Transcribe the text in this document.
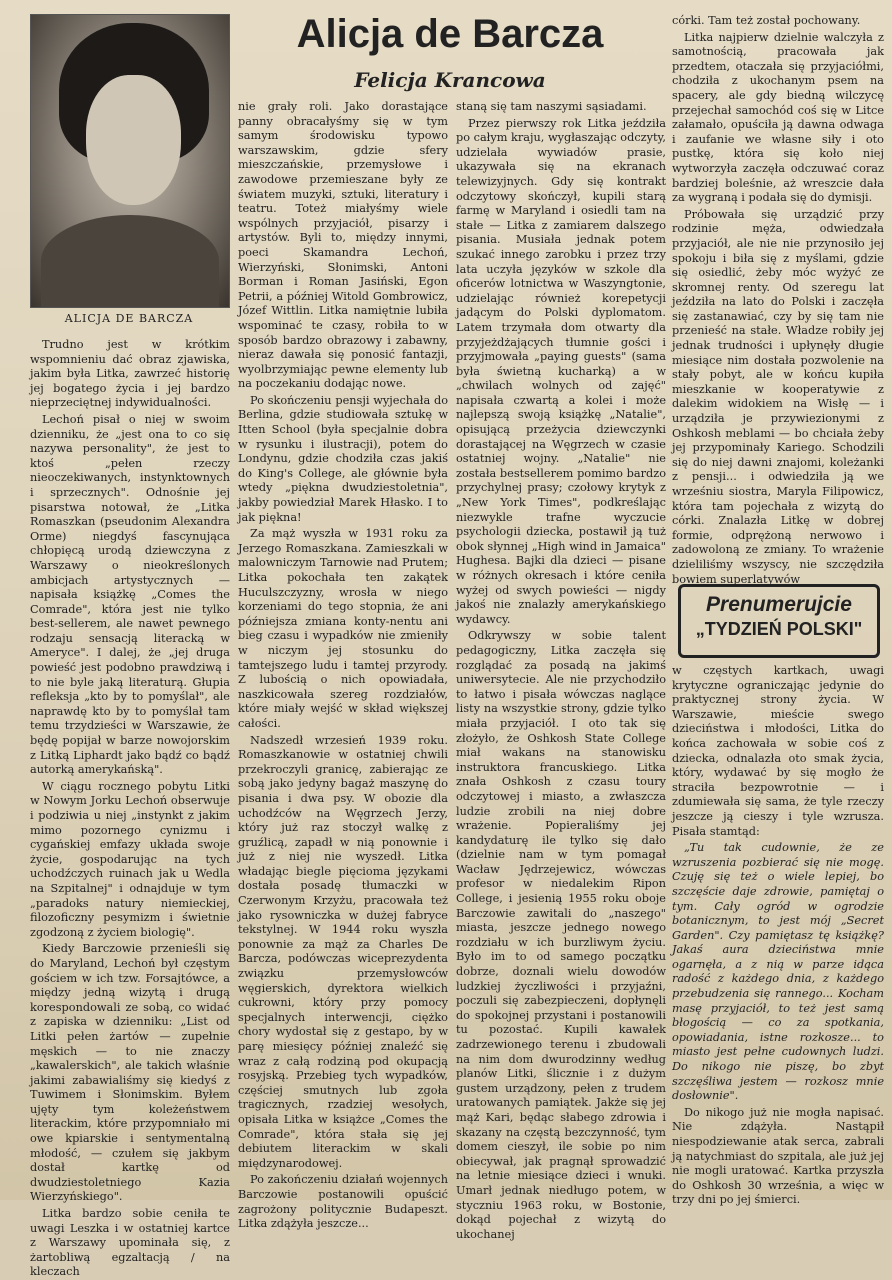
ALICJA DE BARCZA
Alicja de Barcza
Felicja Krancowa

Trudno jest w krótkim wspomnieniu dać obraz zjawiska, jakim była Litka, zawrzeć historię jej bogatego życia i jej bardzo nieprzeciętnej indywidualności.

Lechoń pisał o niej w swoim dzienniku, że „jest ona to co się nazywa personality", że jest to ktoś „pełen rzeczy nieoczekiwanych, instynktownych i sprzecznych". Odnośnie jej pisarstwa notował, że „Litka Romaszkan (pseudonim Alexandra Orme) niegdyś fascynująca chłopięcą urodą dziewczyna z Warszawy o nieokreślonych ambicjach artystycznych — napisała książkę „Comes the Comrade", która jest nie tylko best-sellerem, ale nawet pewnego rodzaju sensacją literacką w Ameryce". I dalej, że „jej druga powieść jest podobno prawdziwą i to nie byle jaką literaturą. Głupia refleksja „kto by to pomyślał", ale naprawdę kto by to pomyślał tam temu trzydzieści w Warszawie, że będę popijał w barze nowojorskim z Litką Liphardt jako bądź co bądź autorką amerykańską".

W ciągu rocznego pobytu Litki w Nowym Jorku Lechoń obserwuje i podziwia u niej „instynkt z jakim mimo pozornego cynizmu i cygańskiej emfazy układa swoje życie, gospodarując na tych uchodźczych ruinach jak u Wedla na Szpitalnej" i odnajduje w tym „paradoks natury niemieckiej, filozoficzny pesymizm i świetnie zgodzoną z życiem biologię".

Kiedy Barczowie przenieśli się do Maryland, Lechoń był częstym gościem w ich tzw. Forsajtówce, a między jedną wizytą i drugą korespondowali ze sobą, co widać z zapiska w dzienniku: „List od Litki pełen żartów — zupełnie męskich — to nie znaczy „kawalerskich", ale takich właśnie jakimi zabawialiśmy się kiedyś z Tuwimem i Słonimskim. Byłem ujęty tym koleżeństwem literackim, które przypomniało mi owe kpiarskie i sentymentalną młodość, — czułem się jakbym dostał kartkę od dwudziestoletniego Kazia Wierzyńskiego".

Litka bardzo sobie ceniła te uwagi Leszka i w ostatniej kartce z Warszawy upominała się, z żartobliwą egzaltacją / na kleczach

nie grały roli. Jako dorastające panny obracałyśmy się w tym samym środowisku typowo warszawskim, gdzie sfery mieszczańskie, przemysłowe i zawodowe przemieszane były ze światem muzyki, sztuki, literatury i teatru. Toteż miałyśmy wiele wspólnych przyjaciół, pisarzy i artystów. Byli to, między innymi, poeci Skamandra Lechoń, Wierzyński, Słonimski, Antoni Borman i Roman Jasiński, Egon Petrii, a później Witold Gombrowicz, Józef Wittlin. Litka namiętnie lubiła wspominać te czasy, robiła to w sposób bardzo obrazowy i zabawny, nieraz dawała się ponosić fantazji, wyolbrzymiając pewne elementy lub na poczekaniu dodając nowe.

Po skończeniu pensji wyjechała do Berlina, gdzie studiowała sztukę w Itten School (była specjalnie dobra w rysunku i ilustracji), potem do Londynu, gdzie chodziła czas jakiś do King's College, ale głównie była wtedy „piękna dwudziestoletnia", jakby powiedział Marek Hłasko. I to jak piękna!

Za mąż wyszła w 1931 roku za Jerzego Romaszkana. Zamieszkali w malowniczym Tarnowie nad Prutem; Litka pokochała ten zakątek Huculszczyzny, wrosła w niego korzeniami do tego stopnia, że ani późniejsza zmiana konty-nentu ani bieg czasu i wypadków nie zmieniły w niczym jej stosunku do tamtejszego ludu i tamtej przyrody. Z lubością o nich opowiadała, naszkicowała szereg rozdziałów, które miały wejść w skład większej całości.

Nadszedł wrzesień 1939 roku. Romaszkanowie w ostatniej chwili przekroczyli granicę, zabierając ze sobą jako jedyny bagaż maszynę do pisania i dwa psy. W obozie dla uchodźców na Węgrzech Jerzy, który już raz stoczył walkę z gruźlicą, zapadł w nią ponownie i już z niej nie wyszedł. Litka władając biegle pięcioma językami dostała posadę tłumaczki w Czerwonym Krzyżu, pracowała też jako rysowniczka w dużej fabryce tekstylnej. W 1944 roku wyszła ponownie za mąż za Charles De Barcza, podówczas wiceprezydenta związku przemysłowców węgierskich, dyrektora wielkich cukrowni, który przy pomocy specjalnych interwencji, ciężko chory wydostał się z gestapo, by w parę miesięcy później znaleźć się wraz z całą rodziną pod okupacją rosyjską. Przebieg tych wypadków, częściej smutnych lub zgoła tragicznych, rzadziej wesołych, opisała Litka w książce „Comes the Comrade", która stała się jej debiutem literackim w skali międzynarodowej.

Po zakończeniu działań wojennych Barczowie postanowili opuścić zagrożony politycznie Budapeszt. Litka zdążyła jeszcze...

staną się tam naszymi sąsiadami.

Przez pierwszy rok Litka jeździła po całym kraju, wygłaszając odczyty, udzielała wywiadów prasie, ukazywała się na ekranach telewizyjnych. Gdy się kontrakt odczytowy skończył, kupili starą farmę w Maryland i osiedli tam na stałe — Litka z zamiarem dalszego pisania. Musiała jednak potem szukać innego zarobku i przez trzy lata uczyła języków w szkole dla oficerów lotnictwa w Waszyngtonie, udzielając również korepetycji jadącym do Polski dyplomatom. Latem trzymała dom otwarty dla przyjeżdżających tłumnie gości i przyjmowała „paying guests" (sama była świetną kucharką) a w „chwilach wolnych od zajęć" napisała czwartą a kolei i może najlepszą swoją książkę „Natalie", opisującą przeżycia dziewczynki dorastającej na Węgrzech w czasie ostatniej wojny. „Natalie" nie została bestsellerem pomimo bardzo przychylnej prasy; czołowy krytyk z „New York Times", podkreślając niezwykle trafne wyczucie psychologii dziecka, postawił ją tuż obok słynnej „High wind in Jamaica" Hughesa. Bajki dla dzieci — pisane w różnych okresach i które ceniła wyżej od swych powieści — nigdy jakoś nie znalazły amerykańskiego wydawcy.

Odkrywszy w sobie talent pedagogiczny, Litka zaczęła się rozglądać za posadą na jakimś uniwersytecie. Ale nie przychodziło to łatwo i pisała wówczas naglące listy na wszystkie strony, gdzie tylko miała przyjaciół. I oto tak się złożyło, że Oshkosh State College miał wakans na stanowisku instruktora francuskiego. Litka znała Oshkosh z czasu toury odczytowej i miasto, a zwłaszcza ludzie zrobili na niej dobre wrażenie. Popieraliśmy jej kandydaturę ile tylko się dało (dzielnie nam w tym pomagał Wacław Jędrzejewicz, wówczas profesor w niedalekim Ripon College, i jesienią 1955 roku oboje Barczowie zawitali do „naszego" miasta, jeszcze jednego nowego rozdziału w ich burzliwym życiu. Było im to od samego początku dobrze, doznali wielu dowodów ludzkiej życzliwości i przyjaźni, poczuli się zabezpieczeni, dopłynęli do spokojnej przystani i postanowili tu pozostać. Kupili kawałek zadrzewionego terenu i zbudowali na nim dom dwurodzinny według planów Litki, ślicznie i z dużym gustem urządzony, pełen z trudem uratowanych pamiątek. Jakże się jej mąż Kari, będąc słabego zdrowia i skazany na częstą bezczynność, tym domem cieszył, ile sobie po nim obiecywał, jak pragnął sprowadzić na letnie miesiące dzieci i wnuki. Umarł jednak niedługo potem, w styczniu 1963 roku, w Bostonie, dokąd pojechał z wizytą do ukochanej

córki. Tam też został pochowany.

Litka najpierw dzielnie walczyła z samotnością, pracowała jak przedtem, otaczała się przyjaciółmi, chodziła z ukochanym psem na spacery, ale gdy biedną wilczycę przejechał samochód coś się w Litce załamało, opuściła ją dawna odwaga i zaufanie we własne siły i oto pustkę, która się koło niej wytworzyła zaczęła odczuwać coraz bardziej boleśnie, aż wreszcie dała za wygraną i podała się do dymisji.

Próbowała się urządzić przy rodzinie męża, odwiedzała przyjaciół, ale nie nie przynosiło jej spokoju i biła się z myślami, gdzie się osiedlić, żeby móc wyżyć ze skromnej renty. Od szeregu lat jeździła na lato do Polski i zaczęła się zastanawiać, czy by się tam nie przenieść na stałe. Władze robiły jej jednak trudności i upłynęły długie miesiące nim dostała pozwolenie na stały pobyt, ale w końcu kupiła mieszkanie w kooperatywie z dalekim widokiem na Wisłę — i urządziła je przywiezionymi z Oshkosh meblami — bo chciała żeby jej przypominały Kariego. Schodzili się do niej dawni znajomi, koleżanki z pensji... i odwiedziła ją we wrześniu siostra, Maryla Filipowicz, która tam pojechała z wizytą do córki. Znalazła Litkę w dobrej formie, odprężoną nerwowo i zadowoloną ze zmiany. To wrażenie dzieliliśmy wszyscy, nie szczędziła bowiem superlatywów

Prenumerujcie
„TYDZIEŃ POLSKI"

w częstych kartkach, uwagi krytyczne ograniczając jedynie do praktycznej strony życia. W Warszawie, mieście swego dzieciństwa i młodości, Litka do końca zachowała w sobie coś z dziecka, odnalazła oto smak życia, który, wydawać by się mogło że straciła bezpowrotnie — i zdumiewała się sama, że tyle rzeczy jeszcze ją cieszy i tyle wzrusza. Pisała stamtąd:

„Tu tak cudownie, że ze wzruszenia pozbierać się nie mogę. Czuję się też o wiele lepiej, bo szczęście daje zdrowie, pamiętaj o tym. Cały ogród w ogrodzie botanicznym, to jest mój „Secret Garden". Czy pamiętasz tę książkę? Jakaś aura dzieciństwa mnie ogarnęła, a z nią w parze idąca radość z każdego dnia, z każdego przebudzenia się rannego... Kocham masę przyjaciół, to też jest samą błogością — co za spotkania, opowiadania, istne rozkosze... to miasto jest pełne cudownych ludzi. Do nikogo nie piszę, bo zbyt szczęśliwa jestem — rozkosz mnie dosłownie".

Do nikogo już nie mogła napisać. Nie zdążyła. Nastąpił niespodziewanie atak serca, zabrali ją natychmiast do szpitala, ale już jej nie mogli uratować. Kartka przyszła do Oshkosh 30 września, a więc w trzy dni po jej śmierci.
